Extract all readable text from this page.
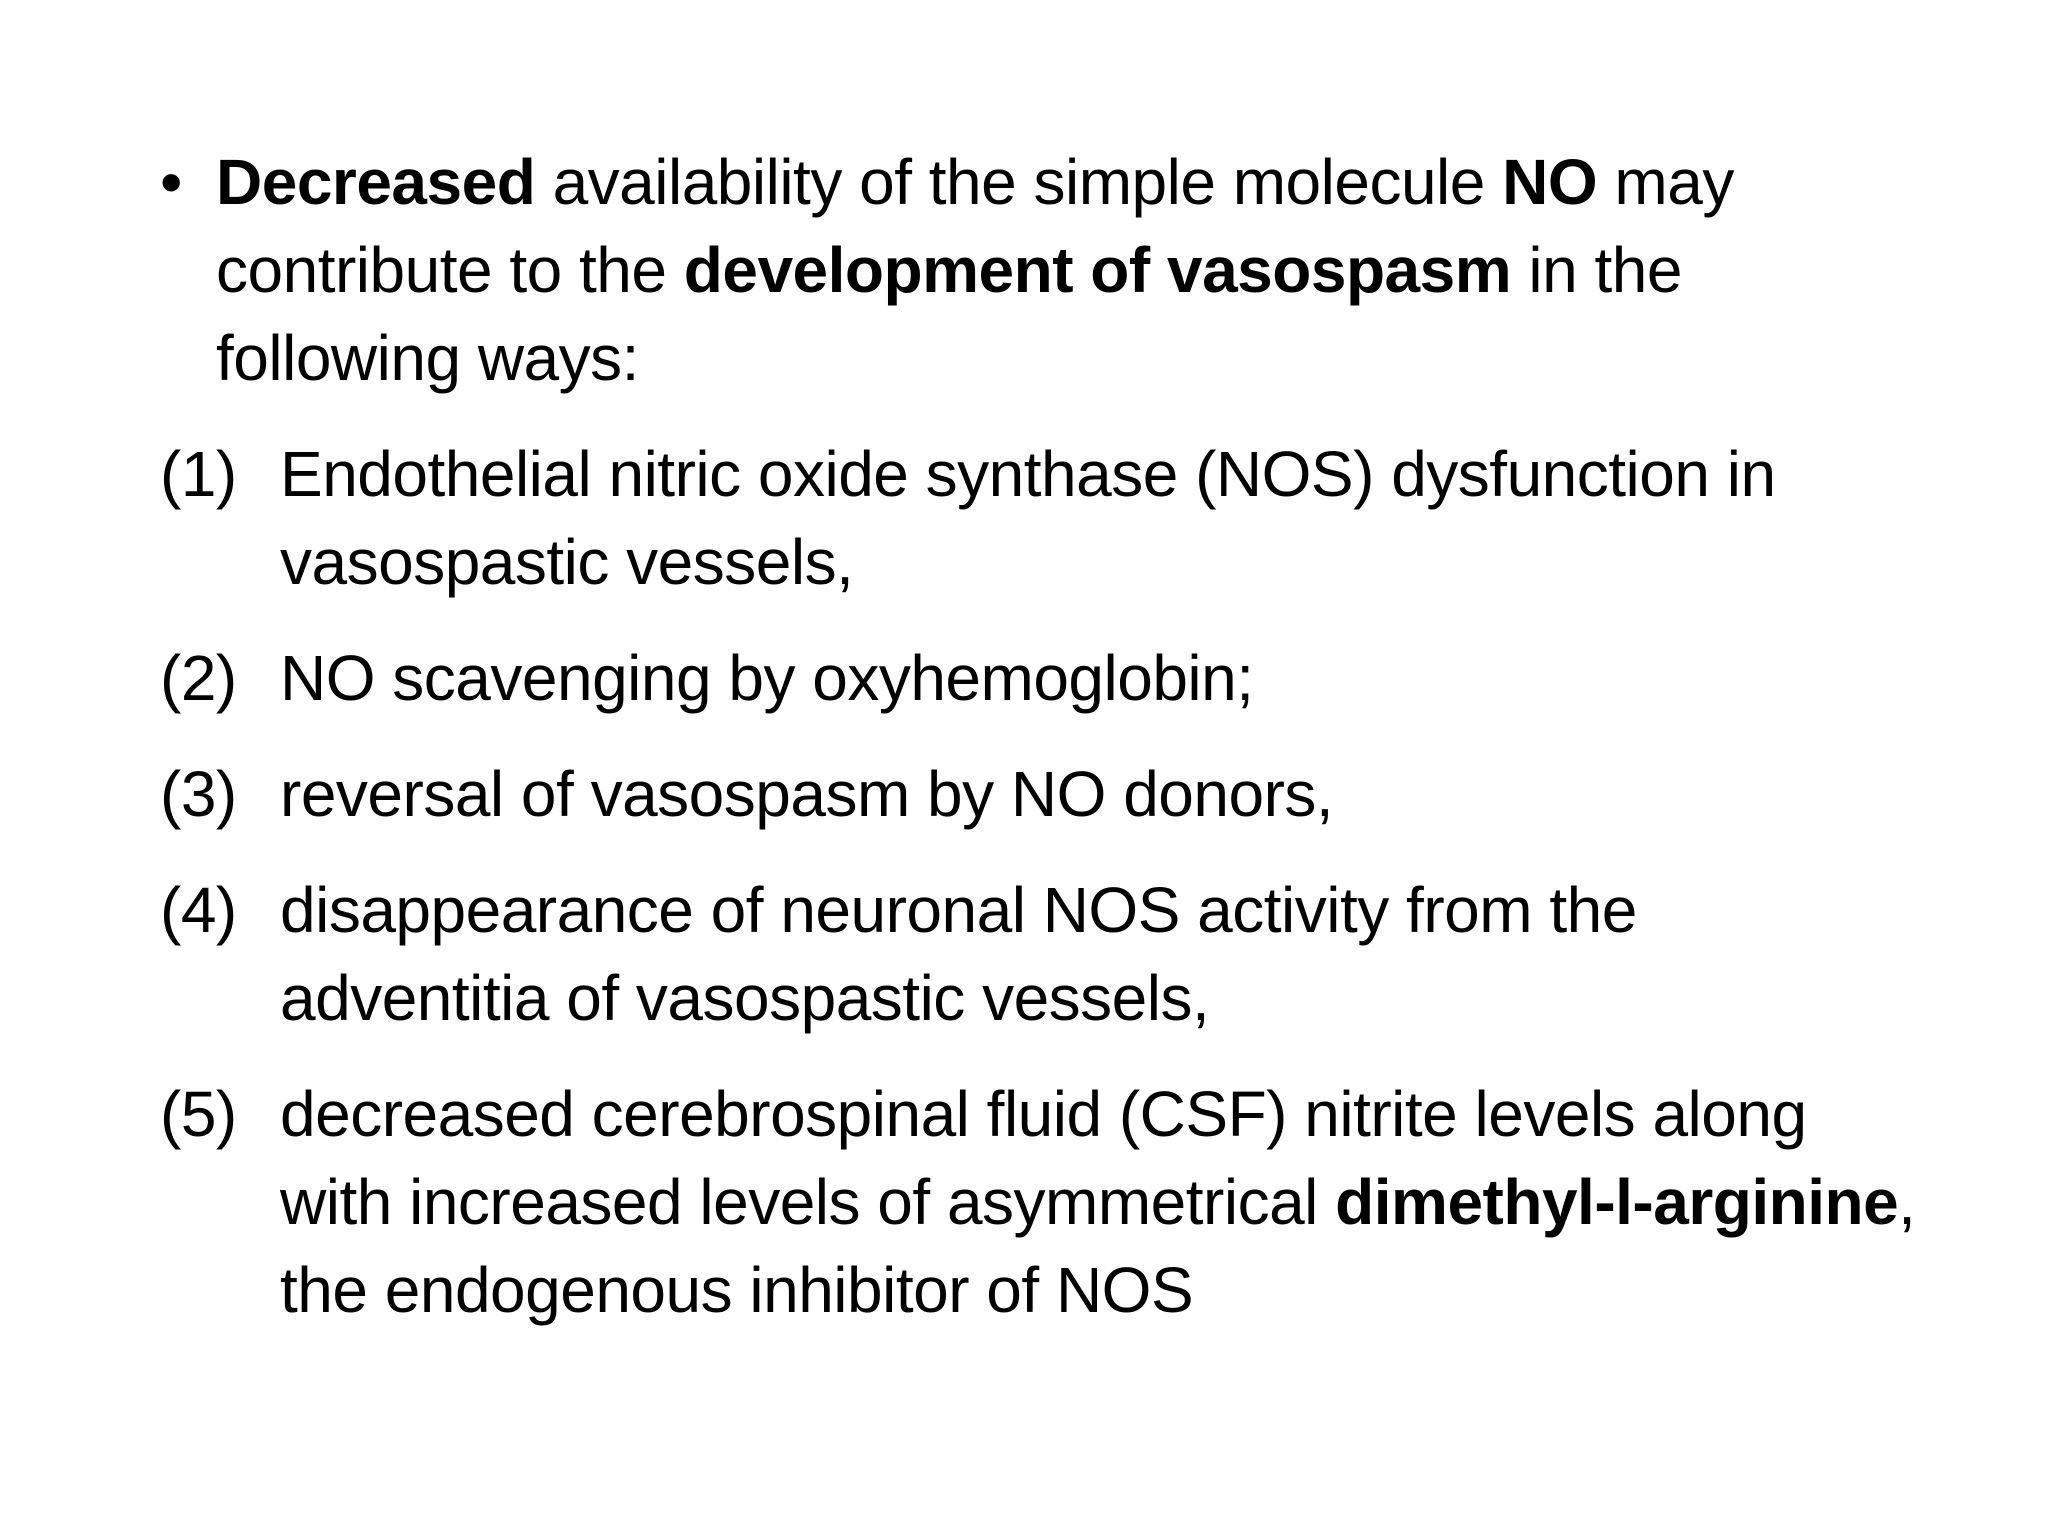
• Decreased availability of the simple molecule NO may contribute to the development of vasospasm in the following ways:

(1) Endothelial nitric oxide synthase (NOS) dysfunction in vasospastic vessels,
(2) NO scavenging by oxyhemoglobin;
(3) reversal of vasospasm by NO donors,
(4) disappearance of neuronal NOS activity from the adventitia of vasospastic vessels,
(5) decreased cerebrospinal fluid (CSF) nitrite levels along with increased levels of asymmetrical dimethyl-l-arginine, the endogenous inhibitor of NOS
